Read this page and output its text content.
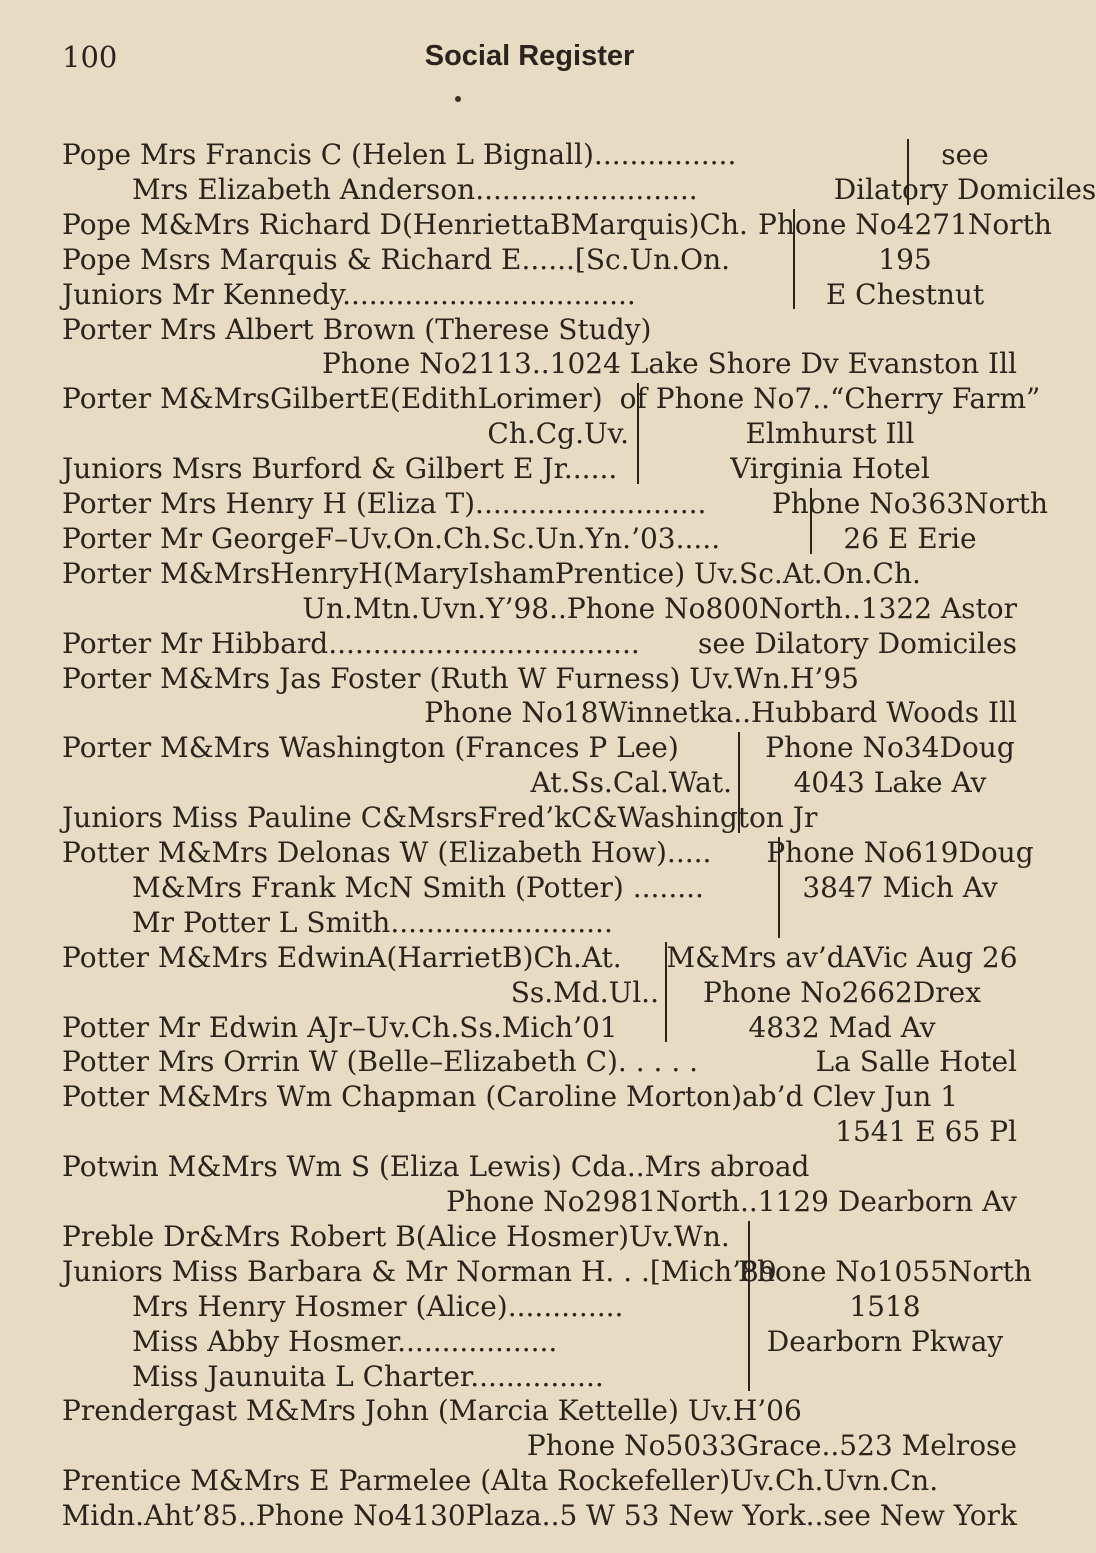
100	Social Register
Pope Mrs Francis C (Helen L Bignall)................	see
Mrs Elizabeth Anderson.........................	Dilatory Domiciles
Pope M&Mrs Richard D(HenriettaBMarquis)Ch. Phone No4271North
Pope Msrs Marquis & Richard E......[Sc.Un.On.	195
Juniors Mr Kennedy.................................	E Chestnut
Porter Mrs Albert Brown (Therese Study)
Phone No2113..1024 Lake Shore Dv Evanston Ill
Porter M&MrsGilbertE(EdithLorimer) of Phone No7..“Cherry Farm”
Ch.Cg.Uv.	Elmhurst Ill
Juniors Msrs Burford & Gilbert E Jr......	Virginia Hotel
Porter Mrs Henry H (Eliza T).......................... Phone No363North
Porter Mr GeorgeF–Uv.On.Ch.Sc.Un.Yn.’03.....	26 E Erie
Porter M&MrsHenryH(MaryIshamPrentice) Uv.Sc.At.On.Ch.
Un.Mtn.Uvn.Y’98..Phone No800North..1322 Astor
Porter Mr Hibbard................................... see Dilatory Domiciles
Porter M&Mrs Jas Foster (Ruth W Furness) Uv.Wn.H’95
Phone No18Winnetka..Hubbard Woods Ill
Porter M&Mrs Washington (Frances P Lee)	Phone No34Doug
At.Ss.Cal.Wat. 4043 Lake Av
Juniors Miss Pauline C&MsrsFred’kC&Washington Jr
Potter M&Mrs Delonas W (Elizabeth How)..... Phone No619Doug
M&Mrs Frank McN Smith (Potter) ........	3847 Mich Av
Mr Potter L Smith.........................
Potter M&Mrs EdwinA(HarrietB)Ch.At. M&Mrs av’dAVic Aug 26
Ss.Md.Ul.. Phone No2662Drex
Potter Mr Edwin AJr–Uv.Ch.Ss.Mich’01	4832 Mad Av
Potter Mrs Orrin W (Belle–Elizabeth C). . . . .	La Salle Hotel
Potter M&Mrs Wm Chapman (Caroline Morton)ab’d Clev Jun 1
1541 E 65 Pl
Potwin M&Mrs Wm S (Eliza Lewis) Cda..Mrs abroad
Phone No2981North..1129 Dearborn Av
Preble Dr&Mrs Robert B(Alice Hosmer)Uv.Wn.
Juniors Miss Barbara & Mr Norman H. . .[Mich’89
Phone No1055North
Mrs Henry Hosmer (Alice).............	1518
Miss Abby Hosmer..................	Dearborn Pkway
Miss Jaunuita L Charter...............
Prendergast M&Mrs John (Marcia Kettelle) Uv.H’06
Phone No5033Grace..523 Melrose
Prentice M&Mrs E Parmelee (Alta Rockefeller)Uv.Ch.Uvn.Cn.
Midn.Aht’85..Phone No4130Plaza..5 W 53 New York..see New York
